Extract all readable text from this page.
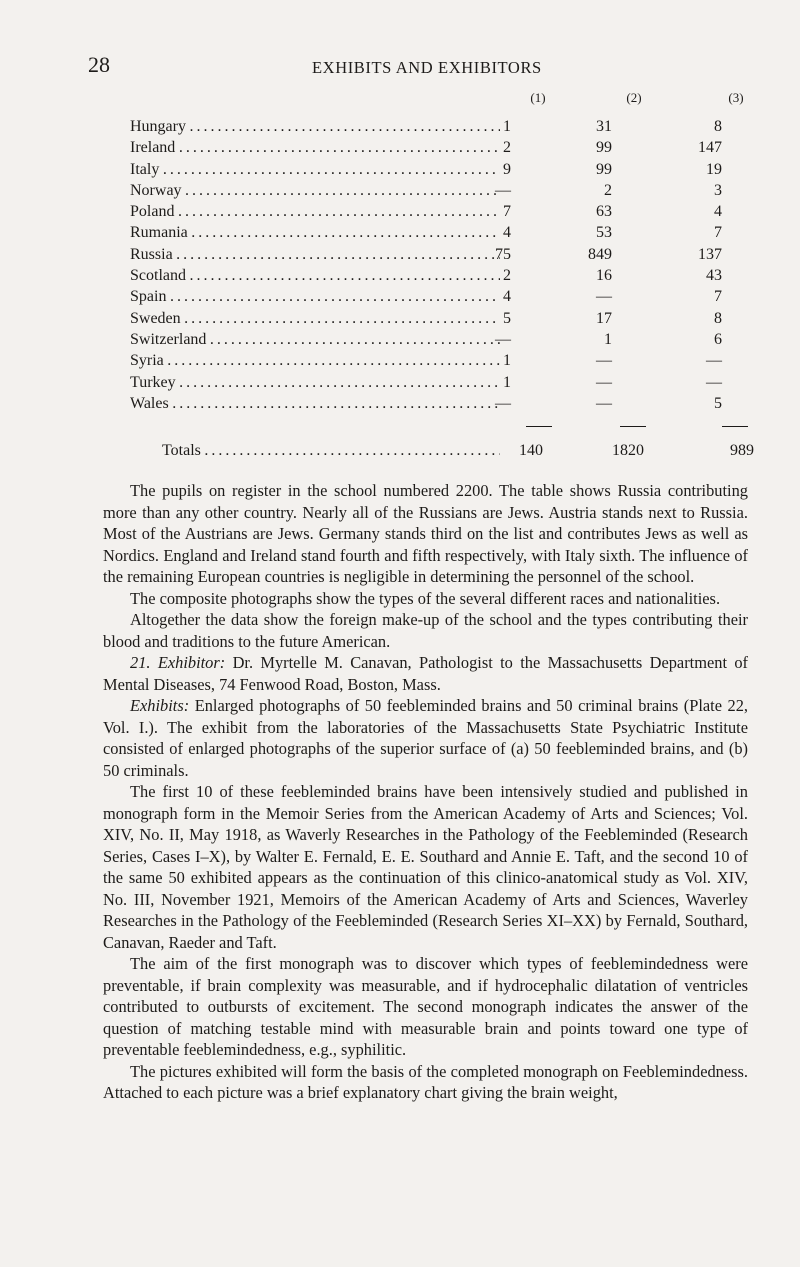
28	EXHIBITS AND EXHIBITORS
(1)	(2)	(3)
Hungary . . .	1	31	8
Ireland . . .	2	99	147
Italy . . .	9	99	19
Norway . . .	—	2	3
Poland . . .	7	63	4
Rumania . . .	4	53	7
Russia . . .	75	849	137
Scotland . . .	2	16	43
Spain . . .	4	—	7
Sweden . . .	5	17	8
Switzerland . . .	—	1	6
Syria . . .	1	—	—
Turkey . . .	1	—	—
Wales . . .	—	—	5
Totals . . .	140	1820	989

The pupils on register in the school numbered 2200. The table shows Russia contributing more than any other country. Nearly all of the Russians are Jews. Austria stands next to Russia. Most of the Austrians are Jews. Germany stands third on the list and contributes Jews as well as Nordics. England and Ireland stand fourth and fifth respectively, with Italy sixth. The influence of the remaining European countries is negligible in determining the personnel of the school.

The composite photographs show the types of the several different races and nationalities.

Altogether the data show the foreign make-up of the school and the types contributing their blood and traditions to the future American.

21. Exhibitor: Dr. Myrtelle M. Canavan, Pathologist to the Massachusetts Department of Mental Diseases, 74 Fenwood Road, Boston, Mass.

Exhibits: Enlarged photographs of 50 feebleminded brains and 50 criminal brains (Plate 22, Vol. I.). The exhibit from the laboratories of the Massachusetts State Psychiatric Institute consisted of enlarged photographs of the superior surface of (a) 50 feebleminded brains, and (b) 50 criminals.

The first 10 of these feebleminded brains have been intensively studied and published in monograph form in the Memoir Series from the American Academy of Arts and Sciences; Vol. XIV, No. II, May 1918, as Waverly Researches in the Pathology of the Feebleminded (Research Series, Cases I–X), by Walter E. Fernald, E. E. Southard and Annie E. Taft, and the second 10 of the same 50 exhibited appears as the continuation of this clinico-anatomical study as Vol. XIV, No. III, November 1921, Memoirs of the American Academy of Arts and Sciences, Waverley Researches in the Pathology of the Feebleminded (Research Series XI–XX) by Fernald, Southard, Canavan, Raeder and Taft.

The aim of the first monograph was to discover which types of feeblemindedness were preventable, if brain complexity was measurable, and if hydrocephalic dilatation of ventricles contributed to outbursts of excitement. The second monograph indicates the answer of the question of matching testable mind with measurable brain and points toward one type of preventable feeblemindedness, e.g., syphilitic.

The pictures exhibited will form the basis of the completed monograph on Feeblemindedness. Attached to each picture was a brief explanatory chart giving the brain weight,
